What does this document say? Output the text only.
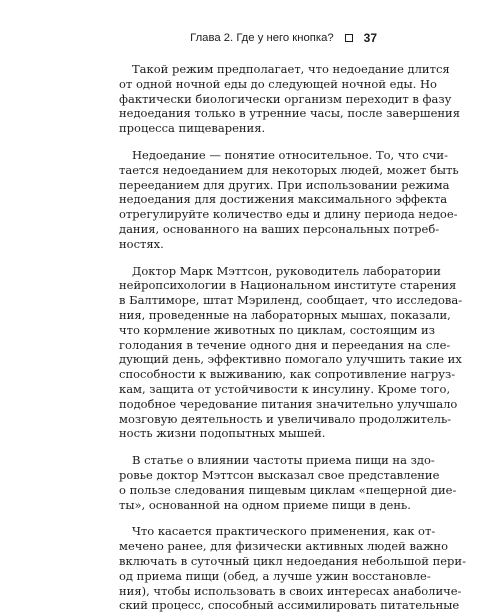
Глава 2. Где у него кнопка?	37
Такой режим предполагает, что недоедание длится
от одной ночной еды до следующей ночной еды. Но
фактически биологически организм переходит в фазу
недоедания только в утренние часы, после завершения
процесса пищеварения.
Недоедание — понятие относительное. То, что счи-
тается недоеданием для некоторых людей, может быть
перееданием для других. При использовании режима
недоедания для достижения максимального эффекта
отрегулируйте количество еды и длину периода недое-
дания, основанного на ваших персональных потреб-
ностях.
Доктор Марк Мэттсон, руководитель лаборатории
нейропсихологии в Национальном институте старения
в Балтиморе, штат Мэриленд, сообщает, что исследова-
ния, проведенные на лабораторных мышах, показали,
что кормление животных по циклам, состоящим из
голодания в течение одного дня и переедания на сле-
дующий день, эффективно помогало улучшить такие их
способности к выживанию, как сопротивление нагруз-
кам, защита от устойчивости к инсулину. Кроме того,
подобное чередование питания значительно улучшало
мозговую деятельность и увеличивало продолжитель-
ность жизни подопытных мышей.
В статье о влиянии частоты приема пищи на здо-
ровье доктор Мэттсон высказал свое представление
о пользе следования пищевым циклам «пещерной дие-
ты», основанной на одном приеме пищи в день.
Что касается практического применения, как от-
мечено ранее, для физически активных людей важно
включать в суточный цикл недоедания небольшой пери-
од приема пищи (обед, а лучше ужин восстановле-
ния), чтобы использовать в своих интересах анаболиче-
ский процесс, способный ассимилировать питательные
